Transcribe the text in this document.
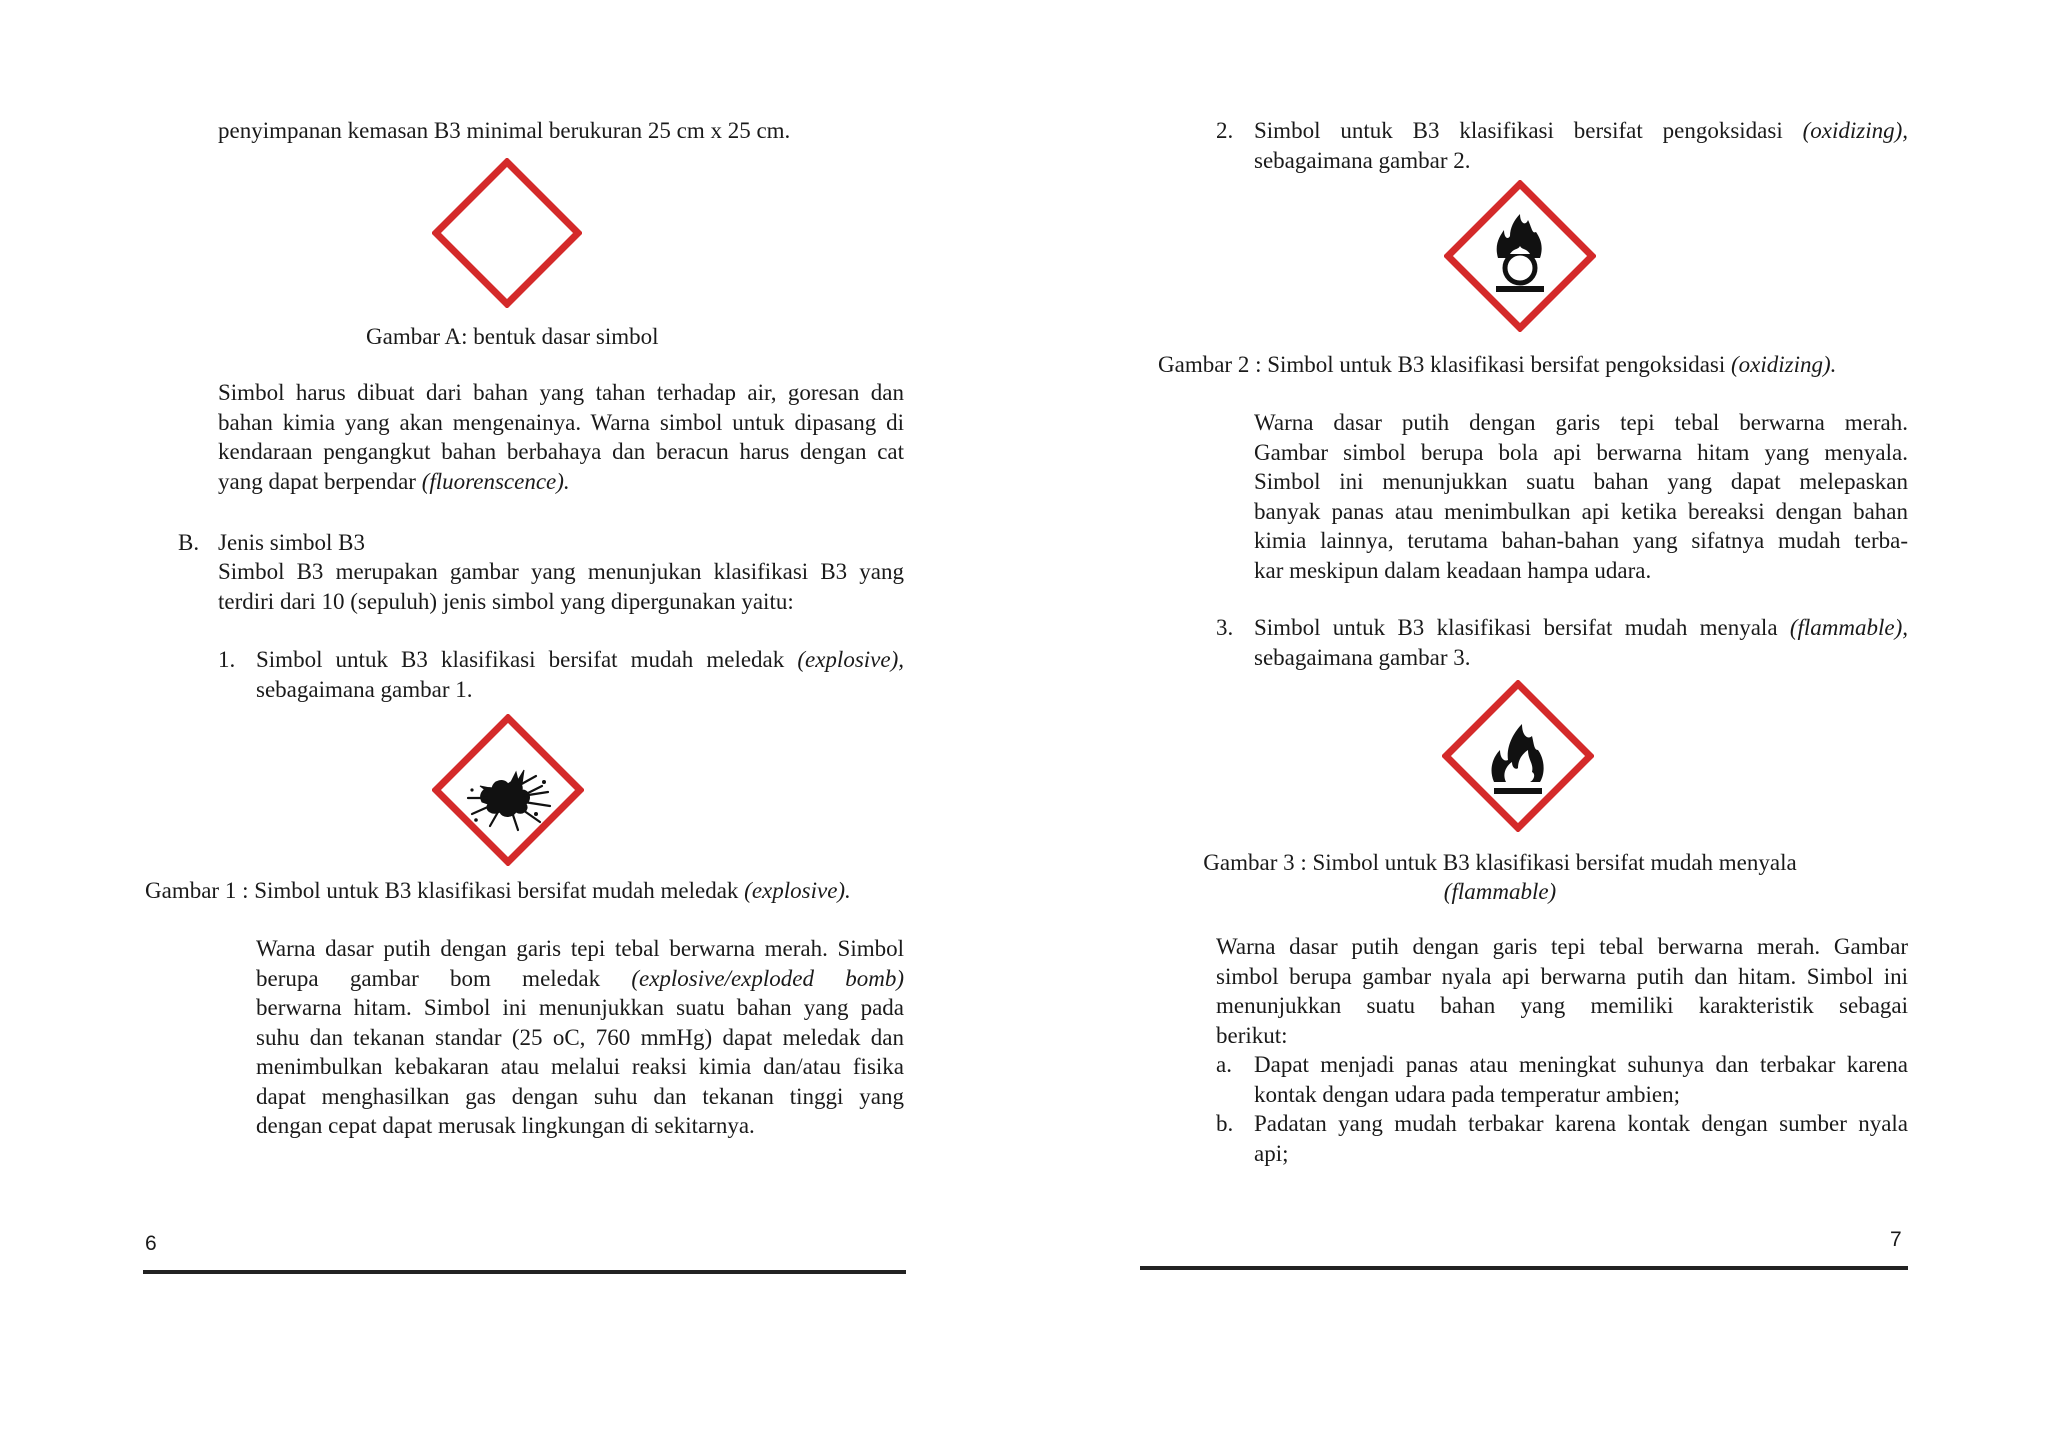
penyimpanan kemasan B3 minimal berukuran 25 cm x 25 cm.
Gambar A: bentuk dasar simbol
Simbol harus dibuat dari bahan yang tahan terhadap air, goresan dan
bahan kimia yang akan mengenainya. Warna simbol untuk dipasang di
kendaraan pengangkut bahan berbahaya dan beracun harus dengan cat
yang dapat berpendar (fluorenscence).
B. Jenis simbol B3
Simbol B3 merupakan gambar yang menunjukan klasifikasi B3 yang
terdiri dari 10 (sepuluh) jenis simbol yang dipergunakan yaitu:
1. Simbol untuk B3 klasifikasi bersifat mudah meledak (explosive),
sebagaimana gambar 1.
Gambar 1 : Simbol untuk B3 klasifikasi bersifat mudah meledak (explosive).
Warna dasar putih dengan garis tepi tebal berwarna merah. Simbol
berupa gambar bom meledak (explosive/exploded bomb)
berwarna hitam. Simbol ini menunjukkan suatu bahan yang pada
suhu dan tekanan standar (25 oC, 760 mmHg) dapat meledak dan
menimbulkan kebakaran atau melalui reaksi kimia dan/atau fisika
dapat menghasilkan gas dengan suhu dan tekanan tinggi yang
dengan cepat dapat merusak lingkungan di sekitarnya.
6
2. Simbol untuk B3 klasifikasi bersifat pengoksidasi (oxidizing),
sebagaimana gambar 2.
Gambar 2 : Simbol untuk B3 klasifikasi bersifat pengoksidasi (oxidizing).
Warna dasar putih dengan garis tepi tebal berwarna merah.
Gambar simbol berupa bola api berwarna hitam yang menyala.
Simbol ini menunjukkan suatu bahan yang dapat melepaskan
banyak panas atau menimbulkan api ketika bereaksi dengan bahan
kimia lainnya, terutama bahan-bahan yang sifatnya mudah terba-
kar meskipun dalam keadaan hampa udara.
3. Simbol untuk B3 klasifikasi bersifat mudah menyala (flammable),
sebagaimana gambar 3.
Gambar 3 : Simbol untuk B3 klasifikasi bersifat mudah menyala
(flammable)
Warna dasar putih dengan garis tepi tebal berwarna merah. Gambar
simbol berupa gambar nyala api berwarna putih dan hitam. Simbol ini
menunjukkan suatu bahan yang memiliki karakteristik sebagai
berikut:
a. Dapat menjadi panas atau meningkat suhunya dan terbakar karena
kontak dengan udara pada temperatur ambien;
b. Padatan yang mudah terbakar karena kontak dengan sumber nyala
api;
7
